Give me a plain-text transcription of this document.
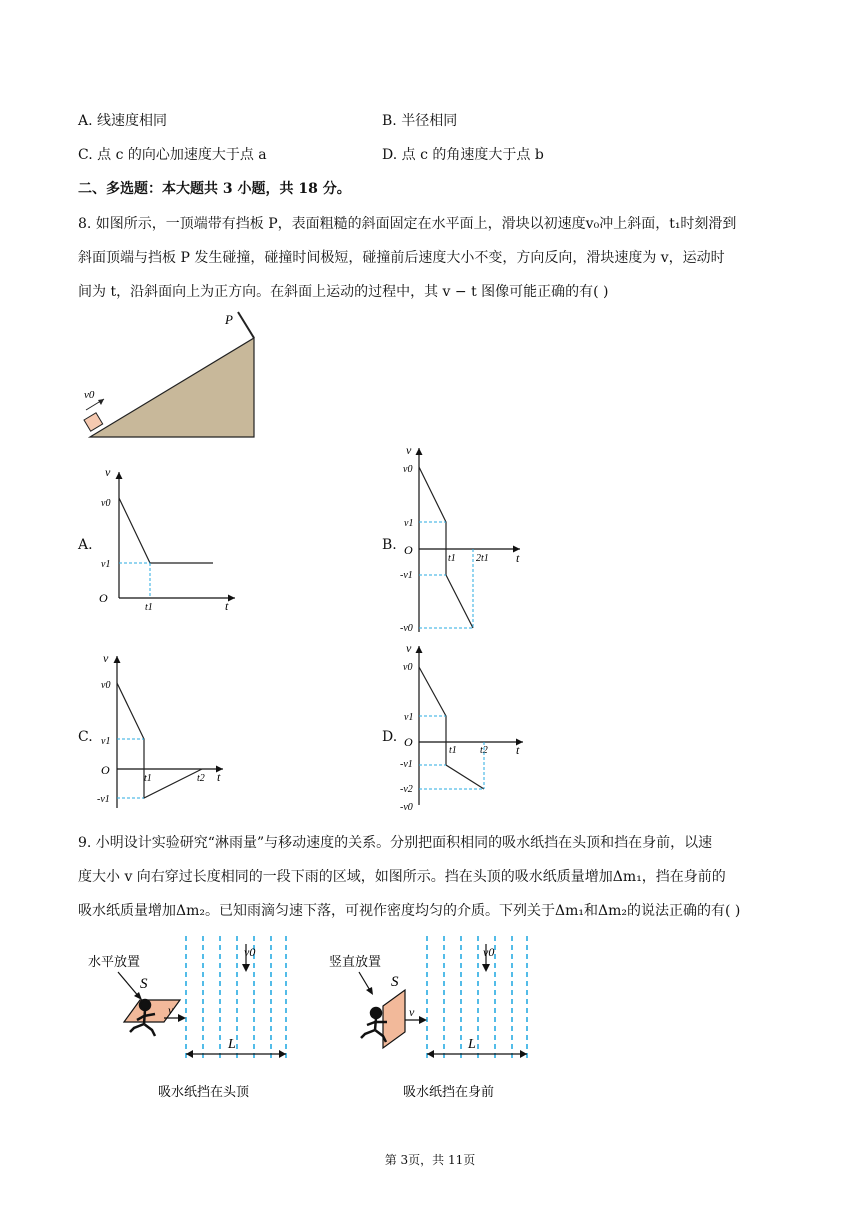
A. 线速度相同	B. 半径相同
C. 点 c 的向心加速度大于点 a	D. 点 c 的角速度大于点 b
二、多选题：本大题共 3 小题，共 18 分。
8. 如图所示，一顶端带有挡板 P，表面粗糙的斜面固定在水平面上，滑块以初速度v₀冲上斜面，t₁时刻滑到
斜面顶端与挡板 P 发生碰撞，碰撞时间极短，碰撞前后速度大小不变，方向反向，滑块速度为 v，运动时
间为 t，沿斜面向上为正方向。在斜面上运动的过程中，其 v − t 图像可能正确的有( )
P
v0
A.	B.
C.	D.
v
t
O
v0
v1
t1
v
t
O
v0
v1
-v1
-v0
t1 2t1
v
t
O
v0
v1
-v1
t1	t2
v
t
O
v0
v1
-v1
-v2
-v0
t1 t2
9. 小明设计实验研究“淋雨量”与移动速度的关系。分别把面积相同的吸水纸挡在头顶和挡在身前，以速
度大小 v 向右穿过长度相同的一段下雨的区域，如图所示。挡在头顶的吸水纸质量增加Δm₁，挡在身前的
吸水纸质量增加Δm₂。已知雨滴匀速下落，可视作密度均匀的介质。下列关于Δm₁和Δm₂的说法正确的有( )
v0
水平放置
S
v
L
吸水纸挡在头顶
v0
竖直放置
S
v
L
吸水纸挡在身前
第 3页，共 11页
